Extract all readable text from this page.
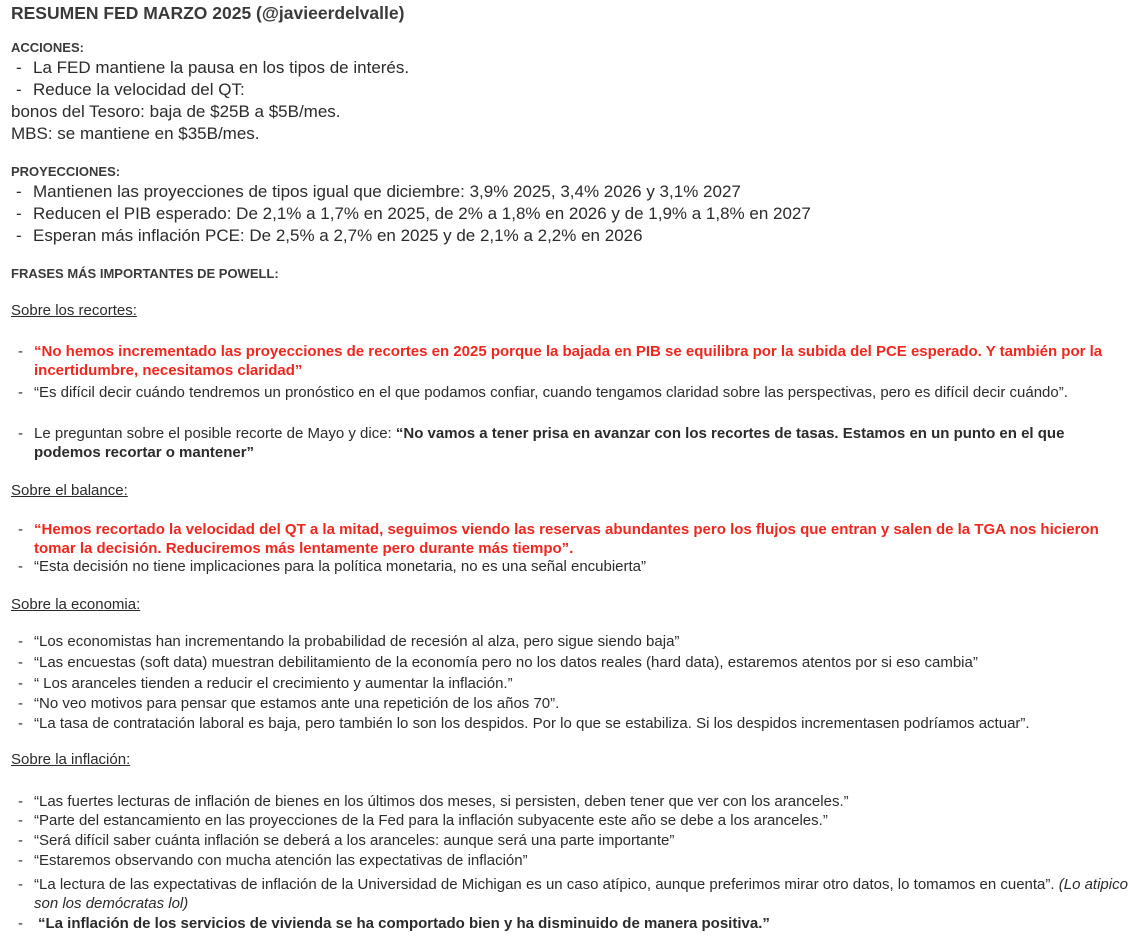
RESUMEN FED MARZO 2025 (@javieerdelvalle)
ACCIONES:
- La FED mantiene la pausa en los tipos de interés.
- Reduce la velocidad del QT:
bonos del Tesoro: baja de $25B a $5B/mes.
MBS: se mantiene en $35B/mes.
PROYECCIONES:
- Mantienen las proyecciones de tipos igual que diciembre: 3,9% 2025, 3,4% 2026 y 3,1% 2027
- Reducen el PIB esperado: De 2,1% a 1,7% en 2025, de 2% a 1,8% en 2026 y de 1,9% a 1,8% en 2027
- Esperan más inflación PCE: De 2,5% a 2,7% en 2025 y de 2,1% a 2,2% en 2026
FRASES MÁS IMPORTANTES DE POWELL:
Sobre los recortes:
- “No hemos incrementado las proyecciones de recortes en 2025 porque la bajada en PIB se equilibra por la subida del PCE esperado. Y también por la incertidumbre, necesitamos claridad”
- “Es difícil decir cuándo tendremos un pronóstico en el que podamos confiar, cuando tengamos claridad sobre las perspectivas, pero es difícil decir cuándo”.
- Le preguntan sobre el posible recorte de Mayo y dice: “No vamos a tener prisa en avanzar con los recortes de tasas. Estamos en un punto en el que podemos recortar o mantener”
Sobre el balance:
- “Hemos recortado la velocidad del QT a la mitad, seguimos viendo las reservas abundantes pero los flujos que entran y salen de la TGA nos hicieron tomar la decisión. Reduciremos más lentamente pero durante más tiempo”.
- “Esta decisión no tiene implicaciones para la política monetaria, no es una señal encubierta”
Sobre la economia:
- “Los economistas han incrementando la probabilidad de recesión al alza, pero sigue siendo baja”
- “Las encuestas (soft data) muestran debilitamiento de la economía pero no los datos reales (hard data), estaremos atentos por si eso cambia”
- “ Los aranceles tienden a reducir el crecimiento y aumentar la inflación.”
- “No veo motivos para pensar que estamos ante una repetición de los años 70”.
- “La tasa de contratación laboral es baja, pero también lo son los despidos. Por lo que se estabiliza. Si los despidos incrementasen podríamos actuar”.
Sobre la inflación:
- “Las fuertes lecturas de inflación de bienes en los últimos dos meses, si persisten, deben tener que ver con los aranceles.”
- “Parte del estancamiento en las proyecciones de la Fed para la inflación subyacente este año se debe a los aranceles.”
- “Será difícil saber cuánta inflación se deberá a los aranceles: aunque será una parte importante”
- “Estaremos observando con mucha atención las expectativas de inflación”
- “La lectura de las expectativas de inflación de la Universidad de Michigan es un caso atípico, aunque preferimos mirar otro datos, lo tomamos en cuenta”. (Lo atipico son los demócratas lol)
- “La inflación de los servicios de vivienda se ha comportado bien y ha disminuido de manera positiva.”
